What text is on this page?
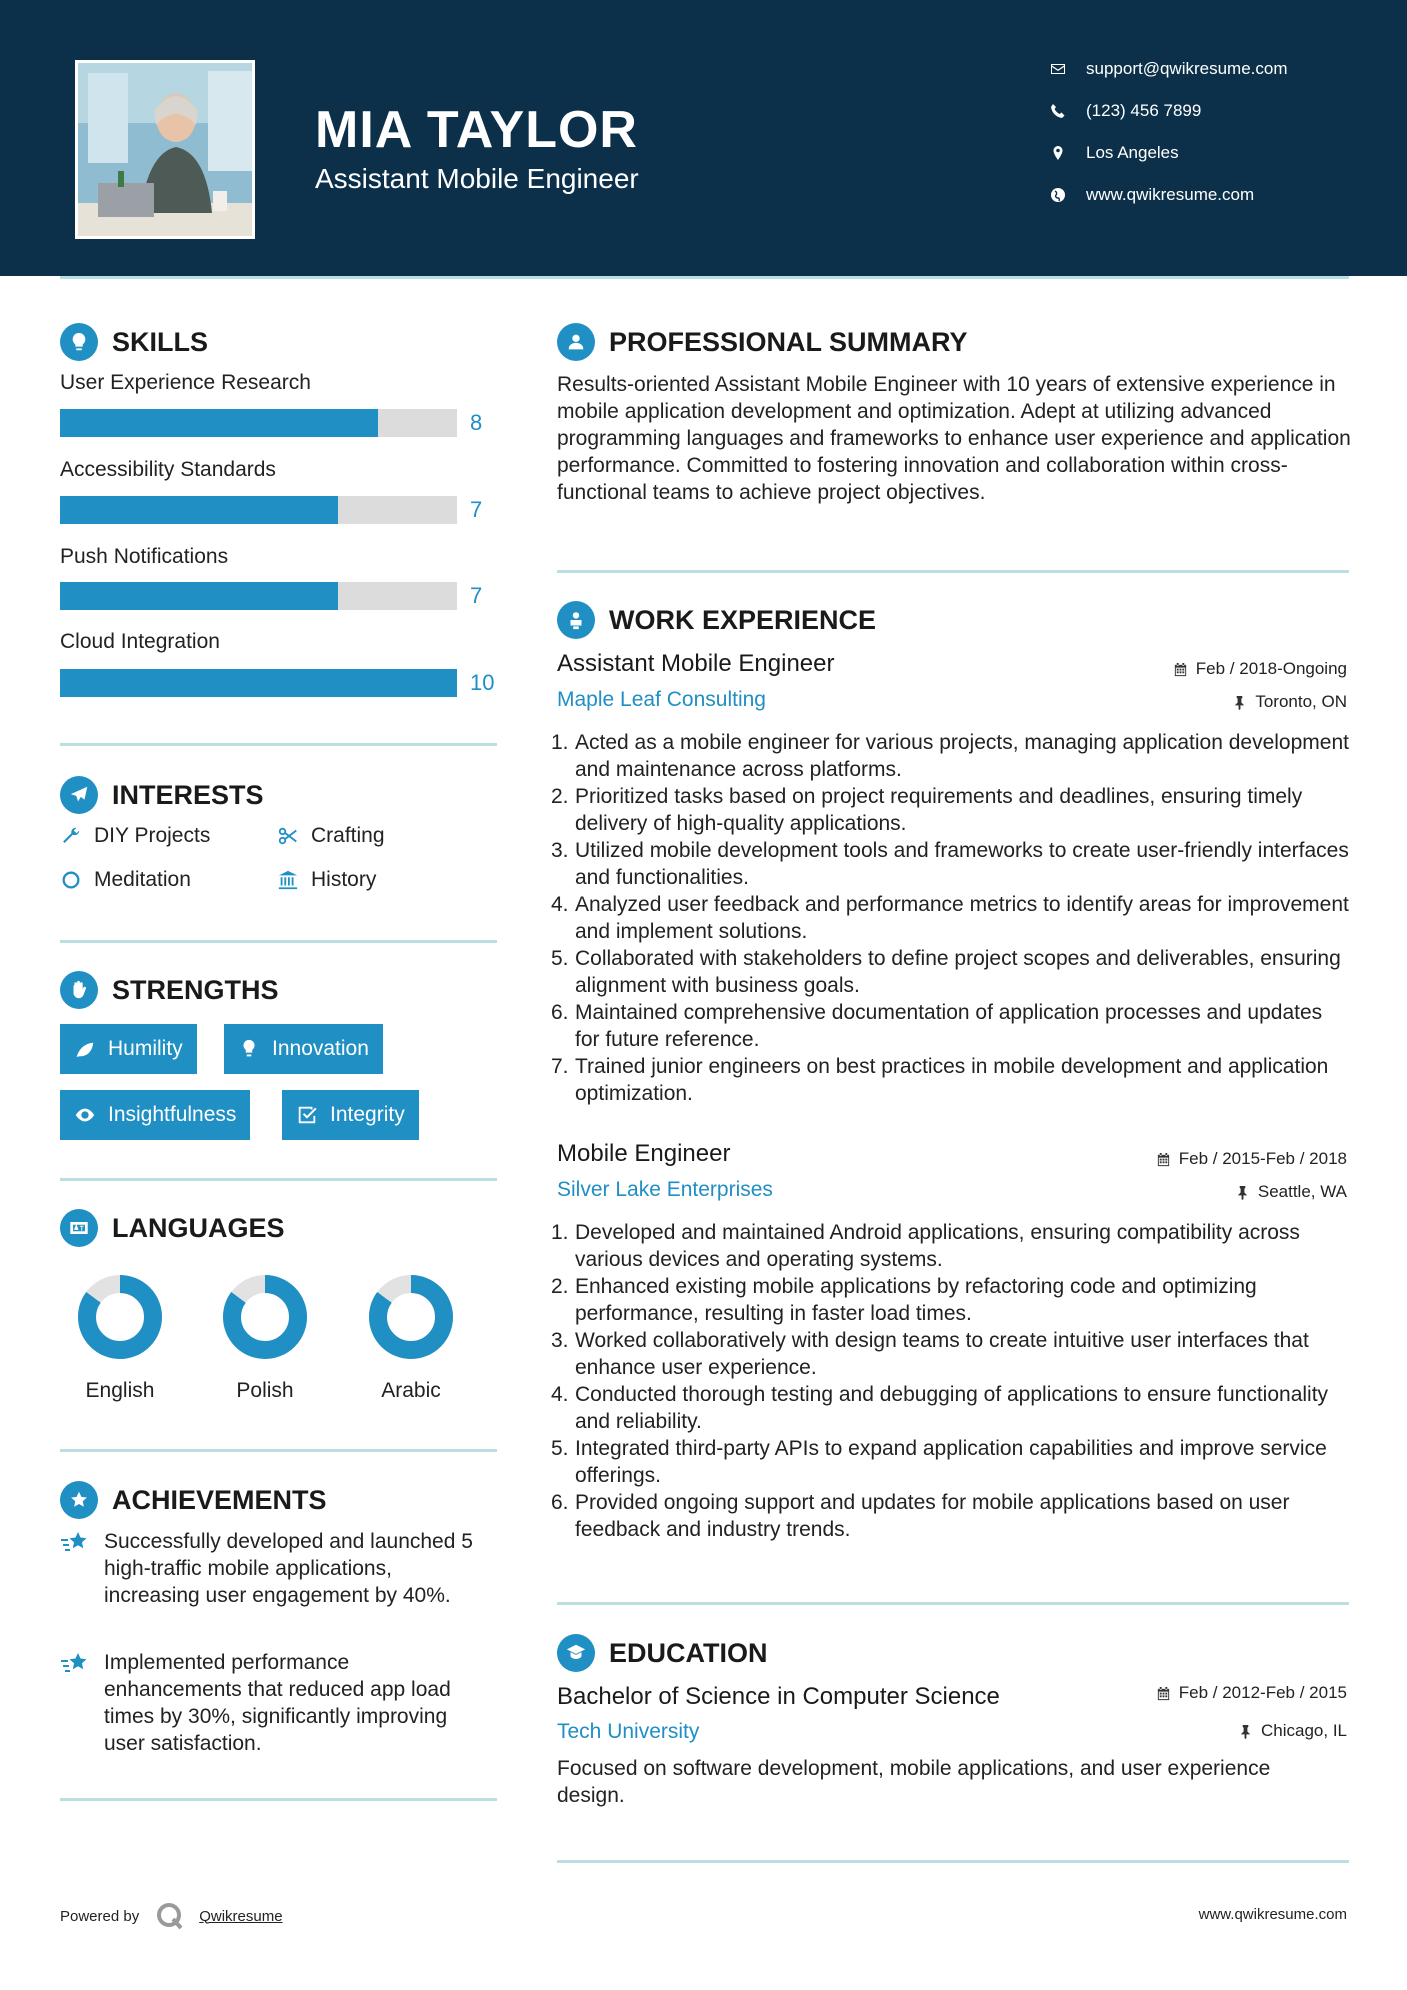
MIA TAYLOR
Assistant Mobile Engineer
support@qwikresume.com
(123) 456 7899
Los Angeles
www.qwikresume.com
SKILLS
User Experience Research
8
Accessibility Standards
7
Push Notifications
7
Cloud Integration
10
INTERESTS
DIY Projects	Crafting
Meditation	History
STRENGTHS
Humility	Innovation
Insightfulness	Integrity
LANGUAGES
English	Polish	Arabic
ACHIEVEMENTS
Successfully developed and launched 5 high-traffic mobile applications, increasing user engagement by 40%.
Implemented performance enhancements that reduced app load times by 30%, significantly improving user satisfaction.
PROFESSIONAL SUMMARY
Results-oriented Assistant Mobile Engineer with 10 years of extensive experience in mobile application development and optimization. Adept at utilizing advanced programming languages and frameworks to enhance user experience and application performance. Committed to fostering innovation and collaboration within cross-functional teams to achieve project objectives.
WORK EXPERIENCE
Assistant Mobile Engineer	Feb / 2018-Ongoing
Maple Leaf Consulting	Toronto, ON
1. Acted as a mobile engineer for various projects, managing application development and maintenance across platforms.
2. Prioritized tasks based on project requirements and deadlines, ensuring timely delivery of high-quality applications.
3. Utilized mobile development tools and frameworks to create user-friendly interfaces and functionalities.
4. Analyzed user feedback and performance metrics to identify areas for improvement and implement solutions.
5. Collaborated with stakeholders to define project scopes and deliverables, ensuring alignment with business goals.
6. Maintained comprehensive documentation of application processes and updates for future reference.
7. Trained junior engineers on best practices in mobile development and application optimization.
Mobile Engineer	Feb / 2015-Feb / 2018
Silver Lake Enterprises	Seattle, WA
1. Developed and maintained Android applications, ensuring compatibility across various devices and operating systems.
2. Enhanced existing mobile applications by refactoring code and optimizing performance, resulting in faster load times.
3. Worked collaboratively with design teams to create intuitive user interfaces that enhance user experience.
4. Conducted thorough testing and debugging of applications to ensure functionality and reliability.
5. Integrated third-party APIs to expand application capabilities and improve service offerings.
6. Provided ongoing support and updates for mobile applications based on user feedback and industry trends.
EDUCATION
Bachelor of Science in Computer Science	Feb / 2012-Feb / 2015
Tech University	Chicago, IL
Focused on software development, mobile applications, and user experience design.
Powered by	Qwikresume	www.qwikresume.com
